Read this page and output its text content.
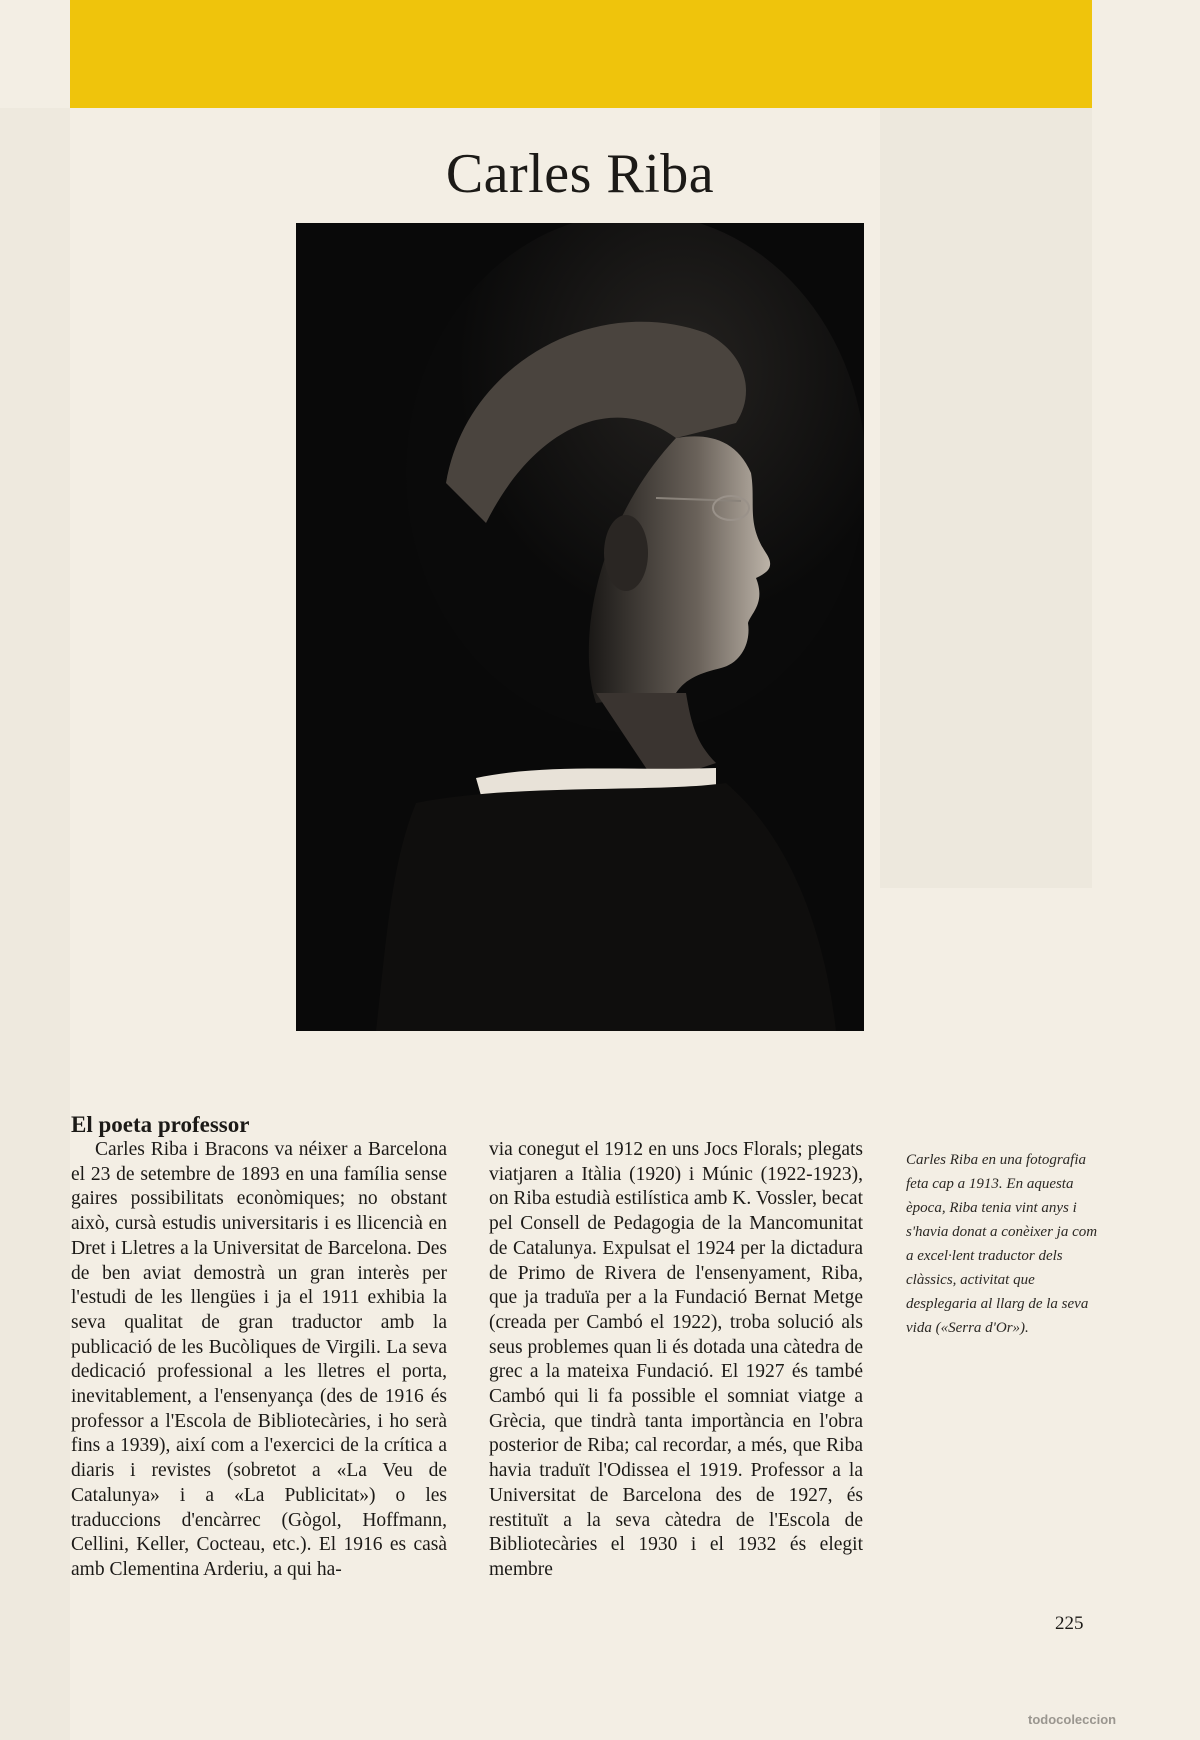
Carles Riba
El poeta professor

Carles Riba i Bracons va néixer a Barcelona el 23 de setembre de 1893 en una família sense gaires possibilitats econòmiques; no obstant això, cursà estudis universitaris i es llicencià en Dret i Lletres a la Universitat de Barcelona. Des de ben aviat demostrà un gran interès per l'estudi de les llengües i ja el 1911 exhibia la seva qualitat de gran traductor amb la publicació de les Bucòliques de Virgili. La seva dedicació professional a les lletres el porta, inevitablement, a l'ensenyança (des de 1916 és professor a l'Escola de Bibliotecàries, i ho serà fins a 1939), així com a l'exercici de la crítica a diaris i revistes (sobretot a «La Veu de Catalunya» i a «La Publicitat») o les traduccions d'encàrrec (Gògol, Hoffmann, Cellini, Keller, Cocteau, etc.). El 1916 es casà amb Clementina Arderiu, a qui ha-

via conegut el 1912 en uns Jocs Florals; plegats viatjaren a Itàlia (1920) i Múnic (1922-1923), on Riba estudià estilística amb K. Vossler, becat pel Consell de Pedagogia de la Mancomunitat de Catalunya. Expulsat el 1924 per la dictadura de Primo de Rivera de l'ensenyament, Riba, que ja traduïa per a la Fundació Bernat Metge (creada per Cambó el 1922), troba solució als seus problemes quan li és dotada una càtedra de grec a la mateixa Fundació. El 1927 és també Cambó qui li fa possible el somniat viatge a Grècia, que tindrà tanta importància en l'obra posterior de Riba; cal recordar, a més, que Riba havia traduït l'Odissea el 1919. Professor a la Universitat de Barcelona des de 1927, és restituït a la seva càtedra de l'Escola de Bibliotecàries el 1930 i el 1932 és elegit membre

Carles Riba en una fotografia feta cap a 1913. En aquesta època, Riba tenia vint anys i s'havia donat a conèixer ja com a excel·lent traductor dels clàssics, activitat que desplegaria al llarg de la seva vida («Serra d'Or»).

225
todocoleccion
